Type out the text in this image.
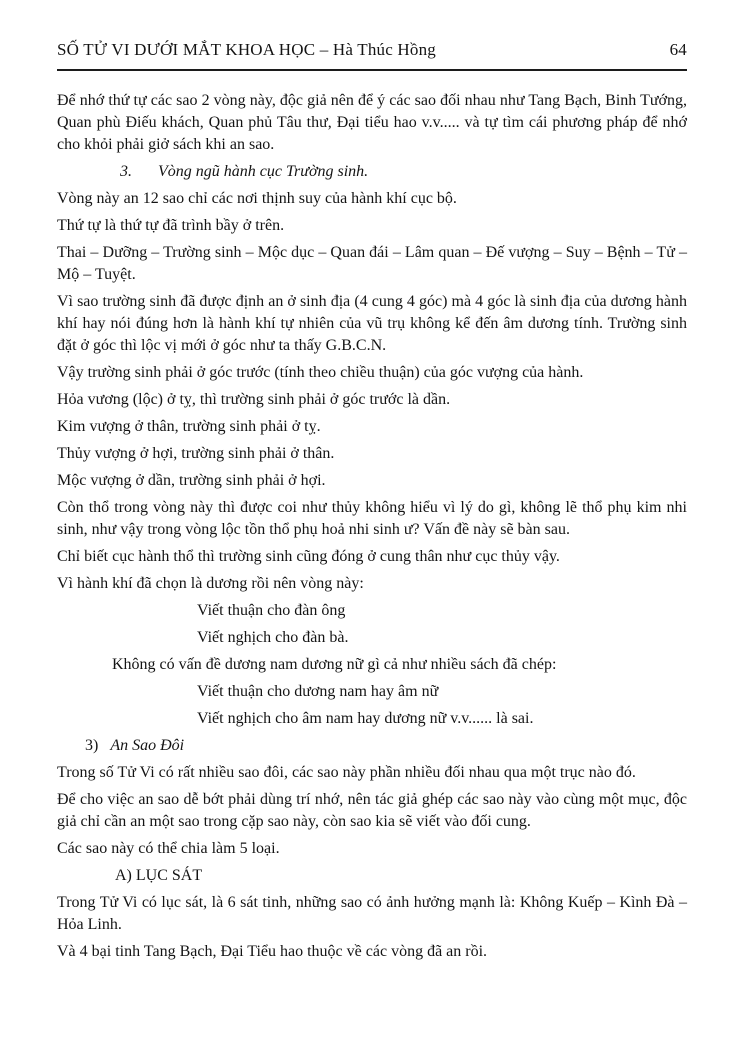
SỐ TỬ VI DƯỚI MẮT KHOA HỌC – Hà Thúc Hồng	64

Để nhớ thứ tự các sao 2 vòng này, độc giả nên để ý các sao đối nhau như Tang Bạch, Binh Tướng, Quan phù Điếu khách, Quan phủ Tâu thư, Đại tiểu hao v.v..... và tự tìm cái phương pháp để nhớ cho khỏi phải giở sách khi an sao.

3. Vòng ngũ hành cục Trường sinh.

Vòng này an 12 sao chỉ các nơi thịnh suy của hành khí cục bộ.

Thứ tự là thứ tự đã trình bầy ở trên.

Thai – Dưỡng – Trường sinh – Mộc dục – Quan đái – Lâm quan – Đế vượng – Suy – Bệnh – Tử – Mộ – Tuyệt.

Vì sao trường sinh đã được định an ở sinh địa (4 cung 4 góc) mà 4 góc là sinh địa của dương hành khí hay nói đúng hơn là hành khí tự nhiên của vũ trụ không kể đến âm dương tính. Trường sinh đặt ở góc thì lộc vị mới ở góc như ta thấy G.B.C.N.

Vậy trường sinh phải ở góc trước (tính theo chiều thuận) của góc vượng của hành.

Hỏa vương (lộc) ở tỵ, thì trường sinh phải ở góc trước là dần.

Kim vượng ở thân, trường sinh phải ở tỵ.

Thủy vượng ở hợi, trường sinh phải ở thân.

Mộc vượng ở dần, trường sinh phải ở hợi.

Còn thổ trong vòng này thì được coi như thủy không hiểu vì lý do gì, không lẽ thổ phụ kim nhi sinh, như vậy trong vòng lộc tồn thổ phụ hoả nhi sinh ư? Vấn đề này sẽ bàn sau.

Chỉ biết cục hành thổ thì trường sinh cũng đóng ở cung thân như cục thủy vậy.

Vì hành khí đã chọn là dương rồi nên vòng này:

Viết thuận cho đàn ông

Viết nghịch cho đàn bà.

Không có vấn đề dương nam dương nữ gì cả như nhiều sách đã chép:

Viết thuận cho dương nam hay âm nữ

Viết nghịch cho âm nam hay dương nữ v.v...... là sai.

3) An Sao Đôi

Trong số Tử Vi có rất nhiều sao đôi, các sao này phần nhiều đối nhau qua một trục nào đó.

Để cho việc an sao dễ bớt phải dùng trí nhớ, nên tác giả ghép các sao này vào cùng một mục, độc giả chỉ cần an một sao trong cặp sao này, còn sao kia sẽ viết vào đối cung.

Các sao này có thể chia làm 5 loại.

A) LỤC SÁT

Trong Tử Vi có lục sát, là 6 sát tinh, những sao có ảnh hưởng mạnh là: Không Kuếp – Kình Đà – Hỏa Linh.

Và 4 bại tinh Tang Bạch, Đại Tiểu hao thuộc về các vòng đã an rồi.
